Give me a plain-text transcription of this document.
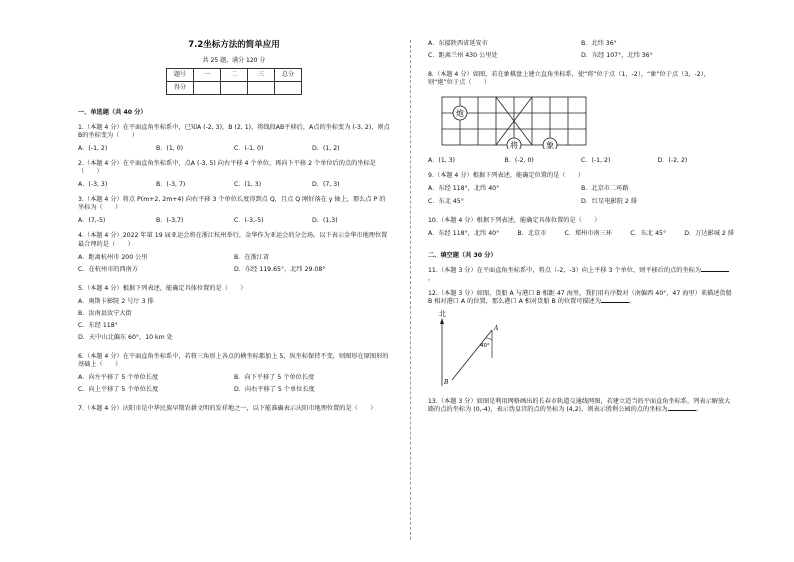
7.2坐标方法的简单应用
共 25 题，满分 120 分
题号	一	二	三	总分
得分				
一、单选题（共 40 分）
1.（本题 4 分）在平面直角坐标系中，已知A (-2, 3)，B (2, 1)，将线段AB平移后，A点的坐标变为 (-3, 2)，则点B的坐标变为（　　）
A．(-1, 2)	B．(1, 0)	C．(-1, 0)	D．(1, 2)
2.（本题 4 分）在平面直角坐标系中，点A (-3, 5) 向右平移 4 个单位，再向下平移 2 个单位后的点的坐标是（　　）
A．(-3, 3)	B．(-3, 7)	C．(1, 3)	D．(7, 3)
3.（本题 4 分）将点 P(m+2, 2m+4) 向右平移 3 个单位长度得到点 Q，且点 Q 刚好落在 y 轴上，那么点 P 的坐标为（　　）
A．(7,-5)	B．(-3,7)	C．(-3,-5)	D．(1,3)
4.（本题 4 分）2022 年第 19 届亚运会将在浙江杭州举行，金华作为亚运会的分会场。以下表示金华市地理位置最合理的是（　　）
A．距离杭州市 200 公里	B．在浙江省
C．在杭州市的西南方	D．东经 119.65°，北纬 29.08°
5.（本题 4 分）根据下列表述，能确定具体位置的是（　　）
A．奥斯卡影院 2 号厅 3 排
B．汝南县汝宁大街
C．东经 118°
D．天中山北偏东 60°，10 km 处
6.（本题 4 分）在平面直角坐标系中，若将三角形上各点的横坐标都加上 5，纵坐标保持不变，则图形在原图形的基础上（　　）
A．向左平移了 5 个单位长度	B．向下平移了 5 个单位长度
C．向上平移了 5 个单位长度	D．向右平移了 5 个单位长度
7.（本题 4 分）庆阳市是中华民族早期农耕文明的发祥地之一，以下能准确表示庆阳市地理位置的是（　　）
A．东接陕西省延安市	B．北纬 36°
C．距离兰州 430 公里处	D．东经 107°，北纬 36°
8.（本题 4 分）如图，若在象棋盘上建立直角坐标系，使“将”位于点（1，-2），“象”位于点（3，-2），则“炮”位于点（　　）
炮
将	象
A．(1, 3)	B．(-2, 0)	C．(-1, 2)	D．(-2, 2)
9.（本题 4 分）根据下列表述，能确定位置的是（　　）
A．东经 118°，北纬 40°	B．北京市二环路
C．东北 45°	D．红星电影院 2 排
10.（本题 4 分）根据下列表述，能确定具体位置的是（　　）
A．东经 118°，北纬 40°	B．北京市	C．郑州市南三环	C．东北 45°	D．万达影城 2 排
二、填空题（共 30 分）
11.（本题 3 分）在平面直角坐标系中，将点（-2，-3）向上平移 3 个单位，则平移后的点的坐标为。
12.（本题 3 分）如图，货船 A 与港口 B 相距 47 海里，我们用有序数对（南偏西 40°，47 海里）来描述货船 B 相对港口 A 的位置，那么港口 A 相对货船 B 的位置可描述为	。
北
A
B
40°
13.（本题 3 分）如图是利用网格画出的长春市轨道交通线网图，若建立适当的平面直角坐标系，列表示解放大路的点的坐标为 (0,-4)，表示伪皇宫的点的坐标为 (4,2)，则表示胜利公园的点的坐标为	。
